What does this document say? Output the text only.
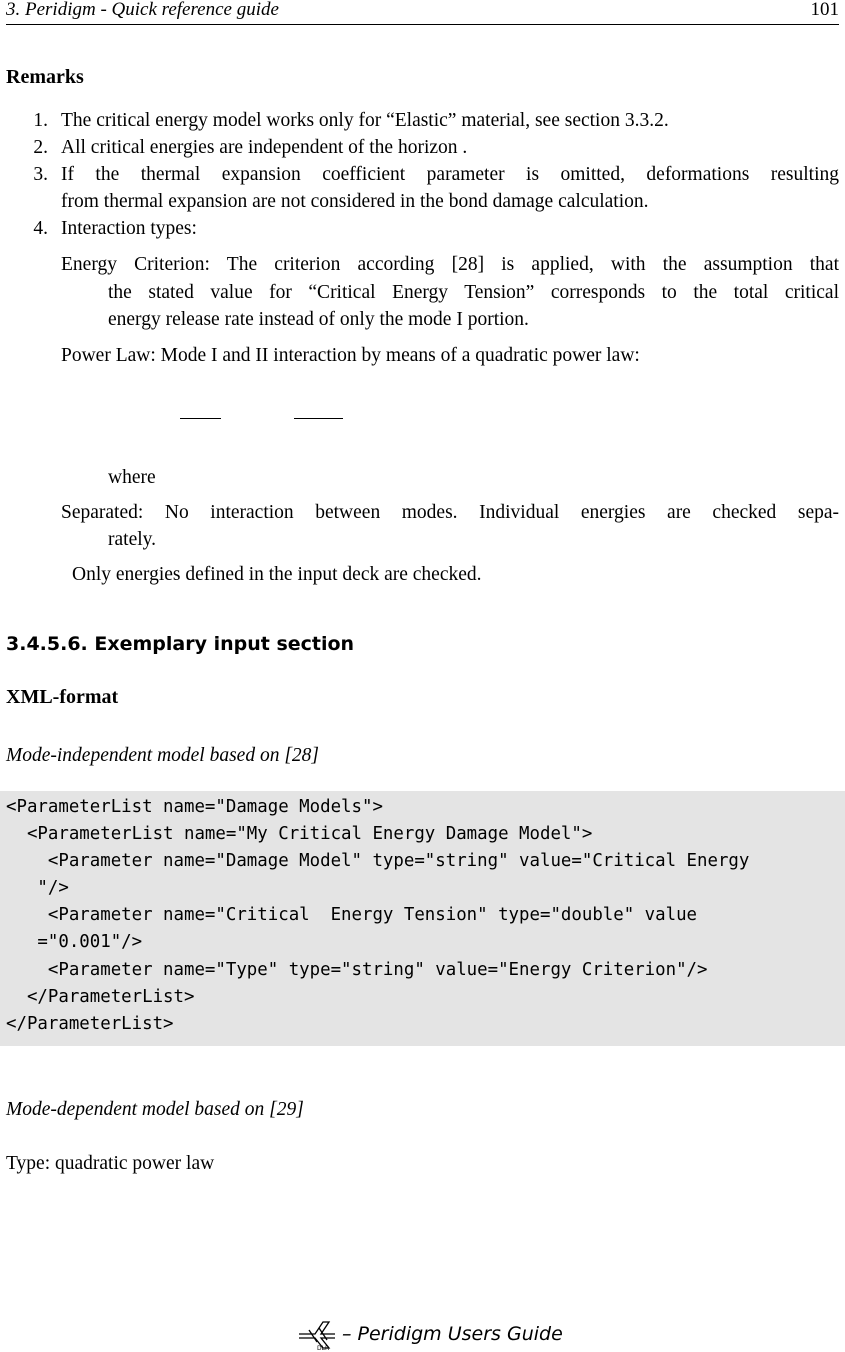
3. Peridigm - Quick reference guide	101
Remarks
1. The critical energy model works only for “Elastic” material, see section 3.3.2.
2. All critical energies are independent of the horizon .
3. If the thermal expansion coefficient parameter is omitted, deformations resulting
from thermal expansion are not considered in the bond damage calculation.
4. Interaction types:
Energy Criterion: The criterion according [28] is applied, with the assumption that
the stated value for “Critical Energy Tension” corresponds to the total critical
energy release rate instead of only the mode I portion.
Power Law: Mode I and II interaction by means of a quadratic power law:
where
Separated: No interaction between modes. Individual energies are checked sepa-
rately.
Only energies defined in the input deck are checked.
3.4.5.6. Exemplary input section
XML-format
Mode-independent model based on [28]
<ParameterList name="Damage Models">
<ParameterList name="My Critical Energy Damage Model">
<Parameter name="Damage Model" type="string" value="Critical Energy
"/>
<Parameter name="Critical  Energy Tension" type="double" value
="0.001"/>
<Parameter name="Type" type="string" value="Energy Criterion"/>
</ParameterList>
</ParameterList>
Mode-dependent model based on [29]
Type: quadratic power law
DLR
– Peridigm Users Guide
